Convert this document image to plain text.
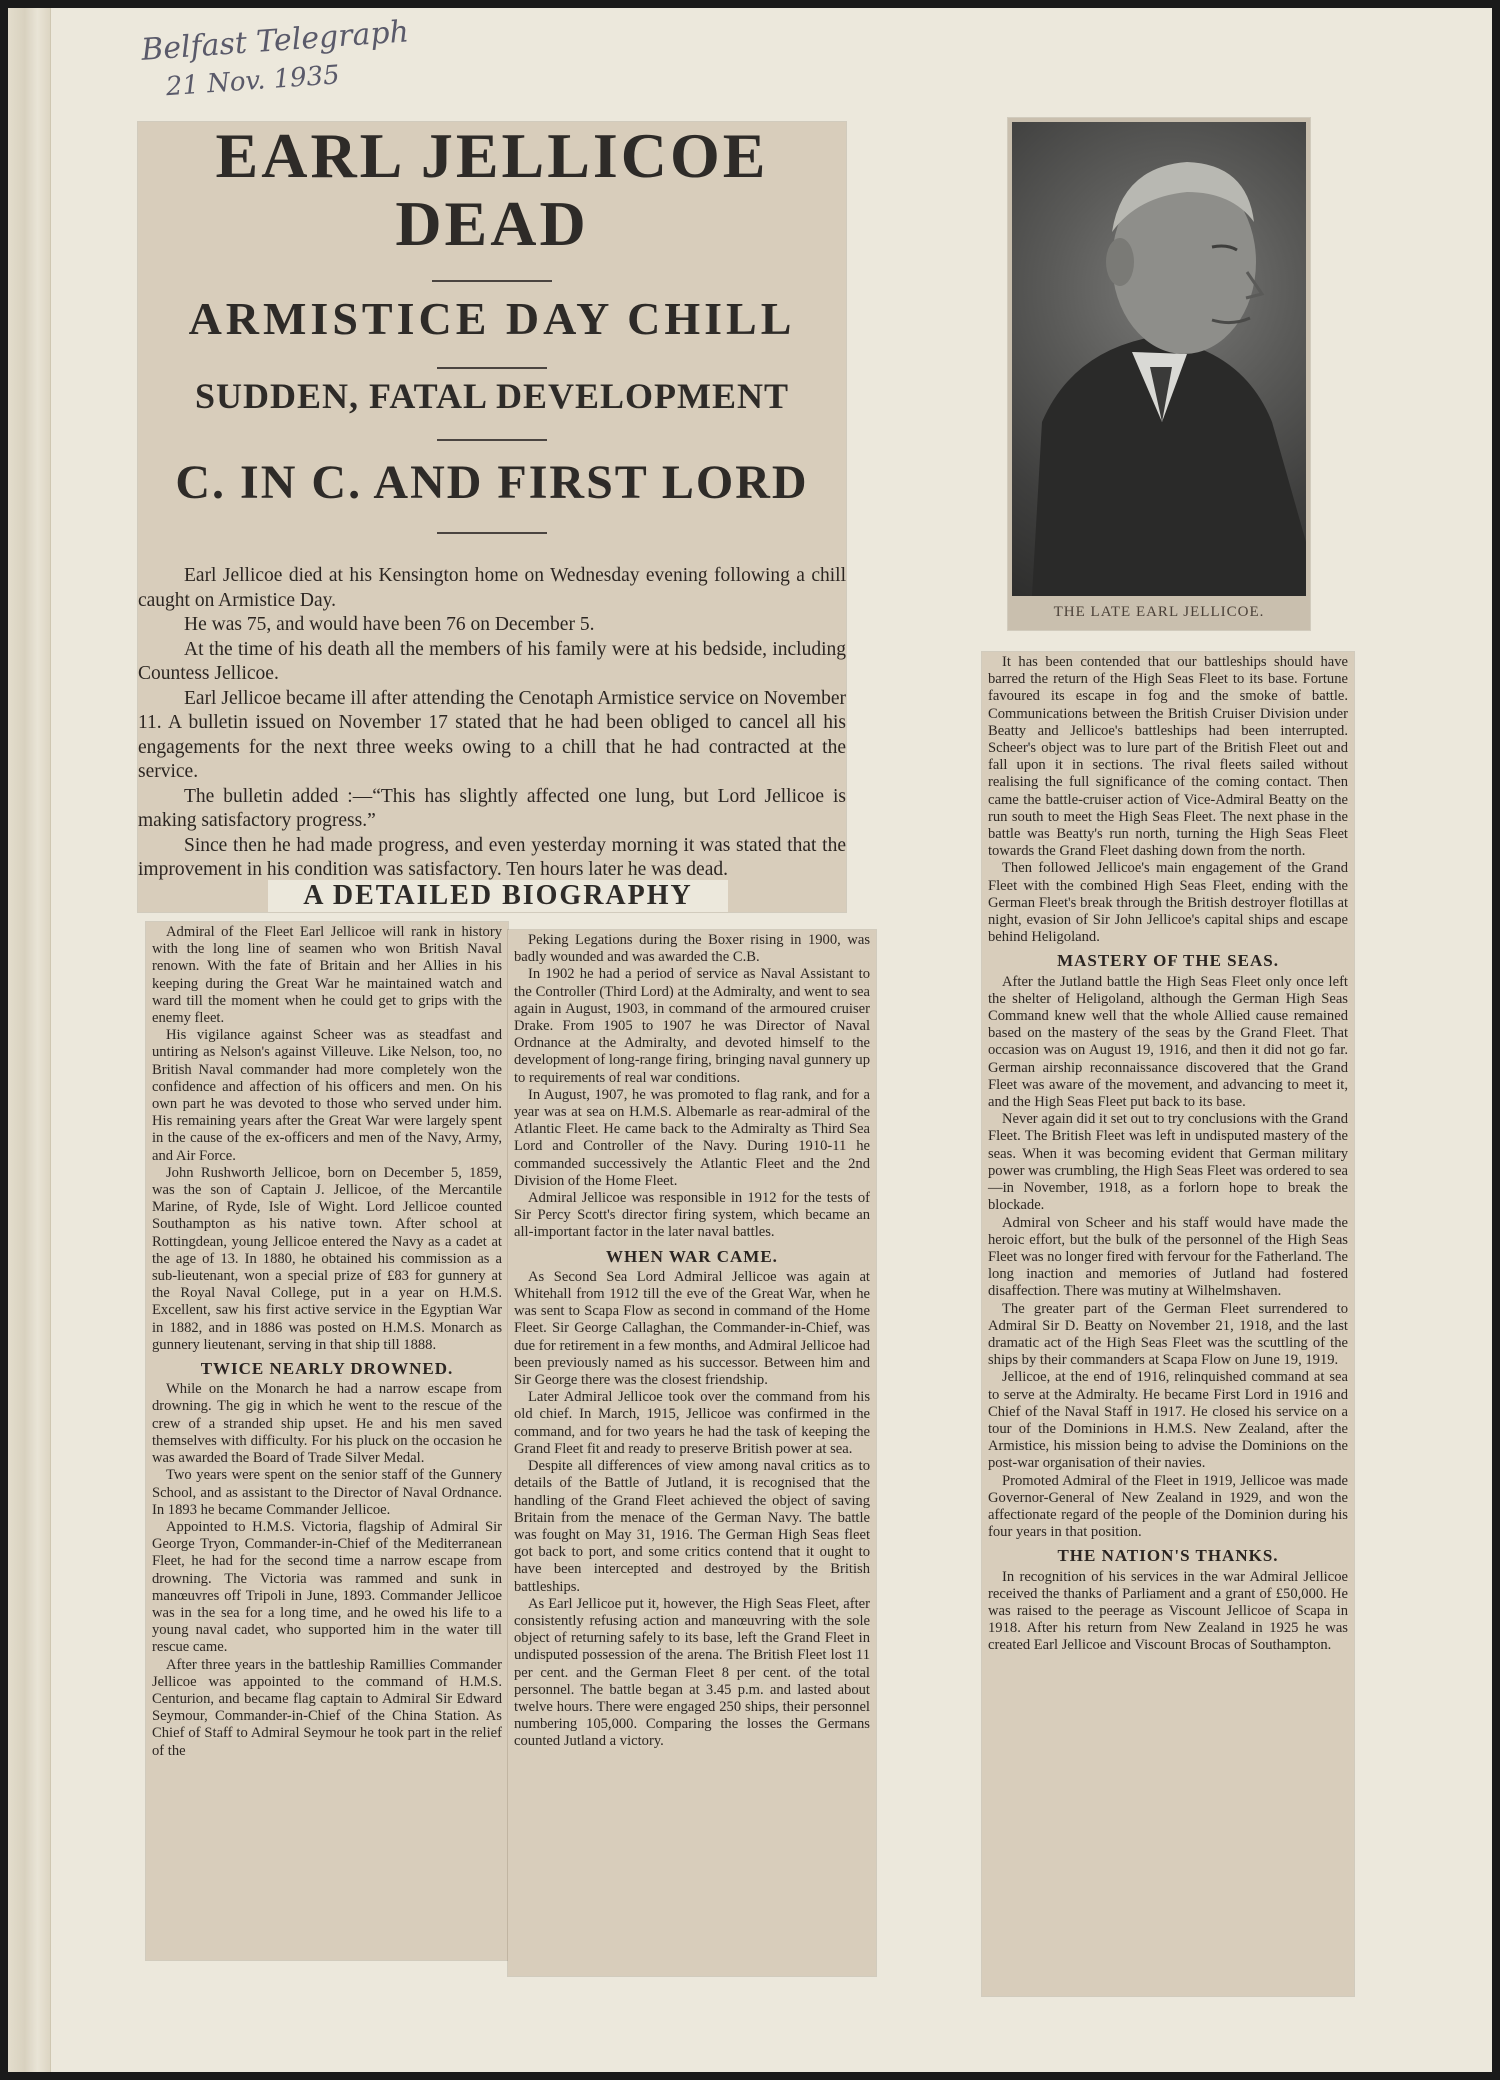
Belfast Telegraph
21 Nov. 1935
EARL JELLICOE DEAD
ARMISTICE DAY CHILL
SUDDEN, FATAL DEVELOPMENT
C. IN C. AND FIRST LORD

Earl Jellicoe died at his Kensington home on Wednesday evening following a chill caught on Armistice Day.

He was 75, and would have been 76 on December 5.

At the time of his death all the members of his family were at his bedside, including Countess Jellicoe.

Earl Jellicoe became ill after attending the Cenotaph Armistice service on November 11. A bulletin issued on November 17 stated that he had been obliged to cancel all his engagements for the next three weeks owing to a chill that he had contracted at the service.

The bulletin added :—“This has slightly affected one lung, but Lord Jellicoe is making satisfactory progress.”

Since then he had made progress, and even yesterday morning it was stated that the improvement in his condition was satisfactory. Ten hours later he was dead.

THE LATE EARL JELLICOE.
A DETAILED BIOGRAPHY

Admiral of the Fleet Earl Jellicoe will rank in history with the long line of seamen who won British Naval renown. With the fate of Britain and her Allies in his keeping during the Great War he maintained watch and ward till the moment when he could get to grips with the enemy fleet.

His vigilance against Scheer was as steadfast and untiring as Nelson's against Villeuve. Like Nelson, too, no British Naval commander had more completely won the confidence and affection of his officers and men. On his own part he was devoted to those who served under him. His remaining years after the Great War were largely spent in the cause of the ex-officers and men of the Navy, Army, and Air Force.

John Rushworth Jellicoe, born on December 5, 1859, was the son of Captain J. Jellicoe, of the Mercantile Marine, of Ryde, Isle of Wight. Lord Jellicoe counted Southampton as his native town. After school at Rottingdean, young Jellicoe entered the Navy as a cadet at the age of 13. In 1880, he obtained his commission as a sub-lieutenant, won a special prize of £83 for gunnery at the Royal Naval College, put in a year on H.M.S. Excellent, saw his first active service in the Egyptian War in 1882, and in 1886 was posted on H.M.S. Monarch as gunnery lieutenant, serving in that ship till 1888.

TWICE NEARLY DROWNED.

While on the Monarch he had a narrow escape from drowning. The gig in which he went to the rescue of the crew of a stranded ship upset. He and his men saved themselves with difficulty. For his pluck on the occasion he was awarded the Board of Trade Silver Medal.

Two years were spent on the senior staff of the Gunnery School, and as assistant to the Director of Naval Ordnance. In 1893 he became Commander Jellicoe.

Appointed to H.M.S. Victoria, flagship of Admiral Sir George Tryon, Commander-in-Chief of the Mediterranean Fleet, he had for the second time a narrow escape from drowning. The Victoria was rammed and sunk in manœuvres off Tripoli in June, 1893. Commander Jellicoe was in the sea for a long time, and he owed his life to a young naval cadet, who supported him in the water till rescue came.

After three years in the battleship Ramillies Commander Jellicoe was appointed to the command of H.M.S. Centurion, and became flag captain to Admiral Sir Edward Seymour, Commander-in-Chief of the China Station. As Chief of Staff to Admiral Seymour he took part in the relief of the

Peking Legations during the Boxer rising in 1900, was badly wounded and was awarded the C.B.

In 1902 he had a period of service as Naval Assistant to the Controller (Third Lord) at the Admiralty, and went to sea again in August, 1903, in command of the armoured cruiser Drake. From 1905 to 1907 he was Director of Naval Ordnance at the Admiralty, and devoted himself to the development of long-range firing, bringing naval gunnery up to requirements of real war conditions.

In August, 1907, he was promoted to flag rank, and for a year was at sea on H.M.S. Albemarle as rear-admiral of the Atlantic Fleet. He came back to the Admiralty as Third Sea Lord and Controller of the Navy. During 1910-11 he commanded successively the Atlantic Fleet and the 2nd Division of the Home Fleet.

Admiral Jellicoe was responsible in 1912 for the tests of Sir Percy Scott's director firing system, which became an all-important factor in the later naval battles.

WHEN WAR CAME.

As Second Sea Lord Admiral Jellicoe was again at Whitehall from 1912 till the eve of the Great War, when he was sent to Scapa Flow as second in command of the Home Fleet. Sir George Callaghan, the Commander-in-Chief, was due for retirement in a few months, and Admiral Jellicoe had been previously named as his successor. Between him and Sir George there was the closest friendship.

Later Admiral Jellicoe took over the command from his old chief. In March, 1915, Jellicoe was confirmed in the command, and for two years he had the task of keeping the Grand Fleet fit and ready to preserve British power at sea.

Despite all differences of view among naval critics as to details of the Battle of Jutland, it is recognised that the handling of the Grand Fleet achieved the object of saving Britain from the menace of the German Navy. The battle was fought on May 31, 1916. The German High Seas fleet got back to port, and some critics contend that it ought to have been intercepted and destroyed by the British battleships.

As Earl Jellicoe put it, however, the High Seas Fleet, after consistently refusing action and manœuvring with the sole object of returning safely to its base, left the Grand Fleet in undisputed possession of the arena. The British Fleet lost 11 per cent. and the German Fleet 8 per cent. of the total personnel. The battle began at 3.45 p.m. and lasted about twelve hours. There were engaged 250 ships, their personnel numbering 105,000. Comparing the losses the Germans counted Jutland a victory.

It has been contended that our battleships should have barred the return of the High Seas Fleet to its base. Fortune favoured its escape in fog and the smoke of battle. Communications between the British Cruiser Division under Beatty and Jellicoe's battleships had been interrupted. Scheer's object was to lure part of the British Fleet out and fall upon it in sections. The rival fleets sailed without realising the full significance of the coming contact. Then came the battle-cruiser action of Vice-Admiral Beatty on the run south to meet the High Seas Fleet. The next phase in the battle was Beatty's run north, turning the High Seas Fleet towards the Grand Fleet dashing down from the north.

Then followed Jellicoe's main engagement of the Grand Fleet with the combined High Seas Fleet, ending with the German Fleet's break through the British destroyer flotillas at night, evasion of Sir John Jellicoe's capital ships and escape behind Heligoland.

MASTERY OF THE SEAS.

After the Jutland battle the High Seas Fleet only once left the shelter of Heligoland, although the German High Seas Command knew well that the whole Allied cause remained based on the mastery of the seas by the Grand Fleet. That occasion was on August 19, 1916, and then it did not go far. German airship reconnaissance discovered that the Grand Fleet was aware of the movement, and advancing to meet it, and the High Seas Fleet put back to its base.

Never again did it set out to try conclusions with the Grand Fleet. The British Fleet was left in undisputed mastery of the seas. When it was becoming evident that German military power was crumbling, the High Seas Fleet was ordered to sea—in November, 1918, as a forlorn hope to break the blockade.

Admiral von Scheer and his staff would have made the heroic effort, but the bulk of the personnel of the High Seas Fleet was no longer fired with fervour for the Fatherland. The long inaction and memories of Jutland had fostered disaffection. There was mutiny at Wilhelmshaven.

The greater part of the German Fleet surrendered to Admiral Sir D. Beatty on November 21, 1918, and the last dramatic act of the High Seas Fleet was the scuttling of the ships by their commanders at Scapa Flow on June 19, 1919.

Jellicoe, at the end of 1916, relinquished command at sea to serve at the Admiralty. He became First Lord in 1916 and Chief of the Naval Staff in 1917. He closed his service on a tour of the Dominions in H.M.S. New Zealand, after the Armistice, his mission being to advise the Dominions on the post-war organisation of their navies.

Promoted Admiral of the Fleet in 1919, Jellicoe was made Governor-General of New Zealand in 1929, and won the affectionate regard of the people of the Dominion during his four years in that position.

THE NATION'S THANKS.

In recognition of his services in the war Admiral Jellicoe received the thanks of Parliament and a grant of £50,000. He was raised to the peerage as Viscount Jellicoe of Scapa in 1918. After his return from New Zealand in 1925 he was created Earl Jellicoe and Viscount Brocas of Southampton.
